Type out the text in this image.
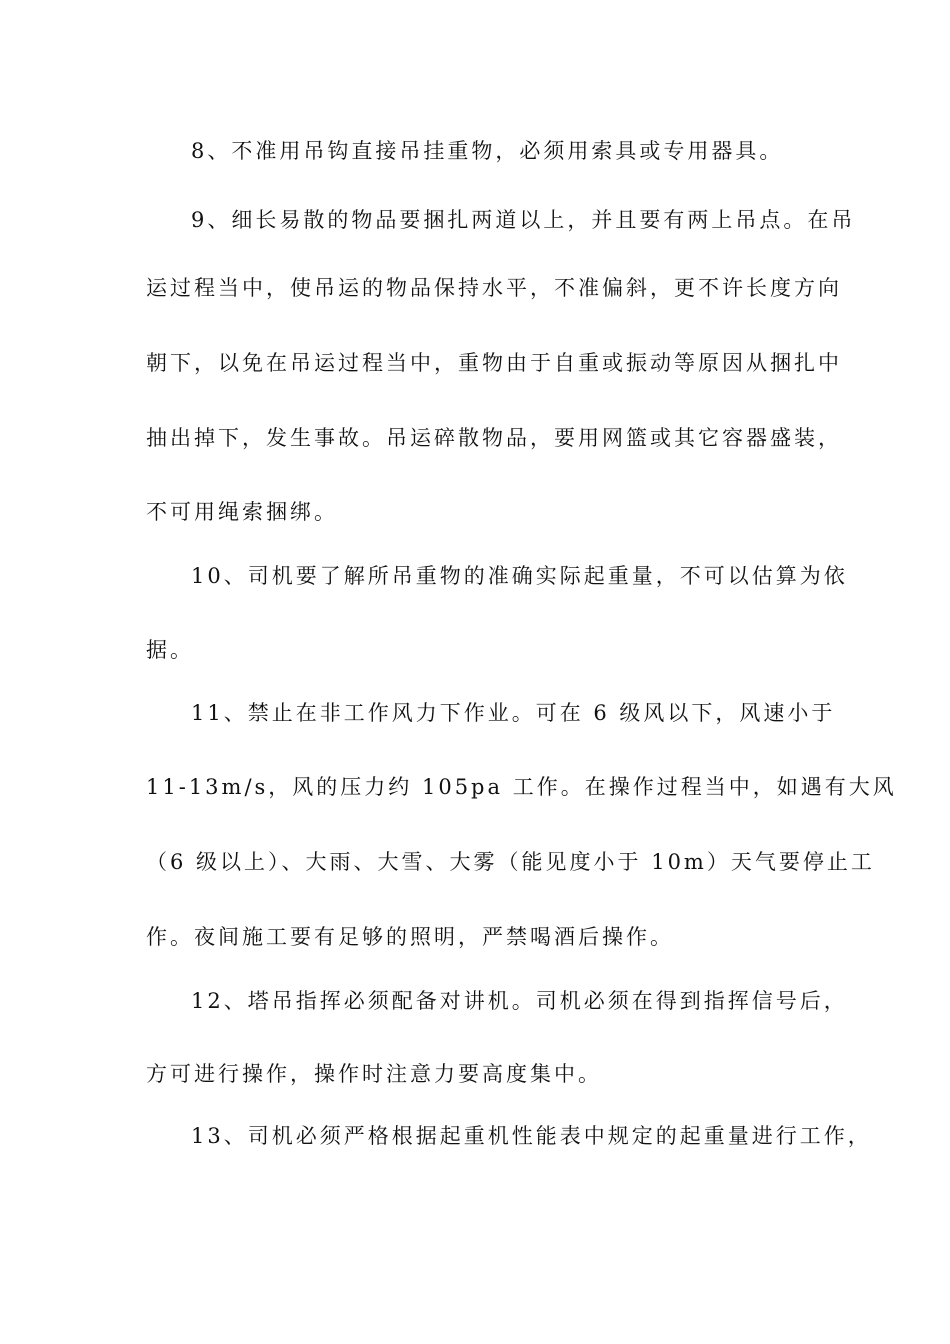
8、不准用吊钩直接吊挂重物，必须用索具或专用器具。
9、细长易散的物品要捆扎两道以上，并且要有两上吊点。在吊
运过程当中，使吊运的物品保持水平，不准偏斜，更不许长度方向
朝下，以免在吊运过程当中，重物由于自重或振动等原因从捆扎中
抽出掉下，发生事故。吊运碎散物品，要用网篮或其它容器盛装，
不可用绳索捆绑。
10、司机要了解所吊重物的准确实际起重量，不可以估算为依
据。
11、禁止在非工作风力下作业。可在 6 级风以下，风速小于
11-13m/s，风的压力约 105pa 工作。在操作过程当中，如遇有大风
（6 级以上）、大雨、大雪、大雾（能见度小于 10m）天气要停止工
作。夜间施工要有足够的照明，严禁喝酒后操作。
12、塔吊指挥必须配备对讲机。司机必须在得到指挥信号后，
方可进行操作，操作时注意力要高度集中。
13、司机必须严格根据起重机性能表中规定的起重量进行工作，
